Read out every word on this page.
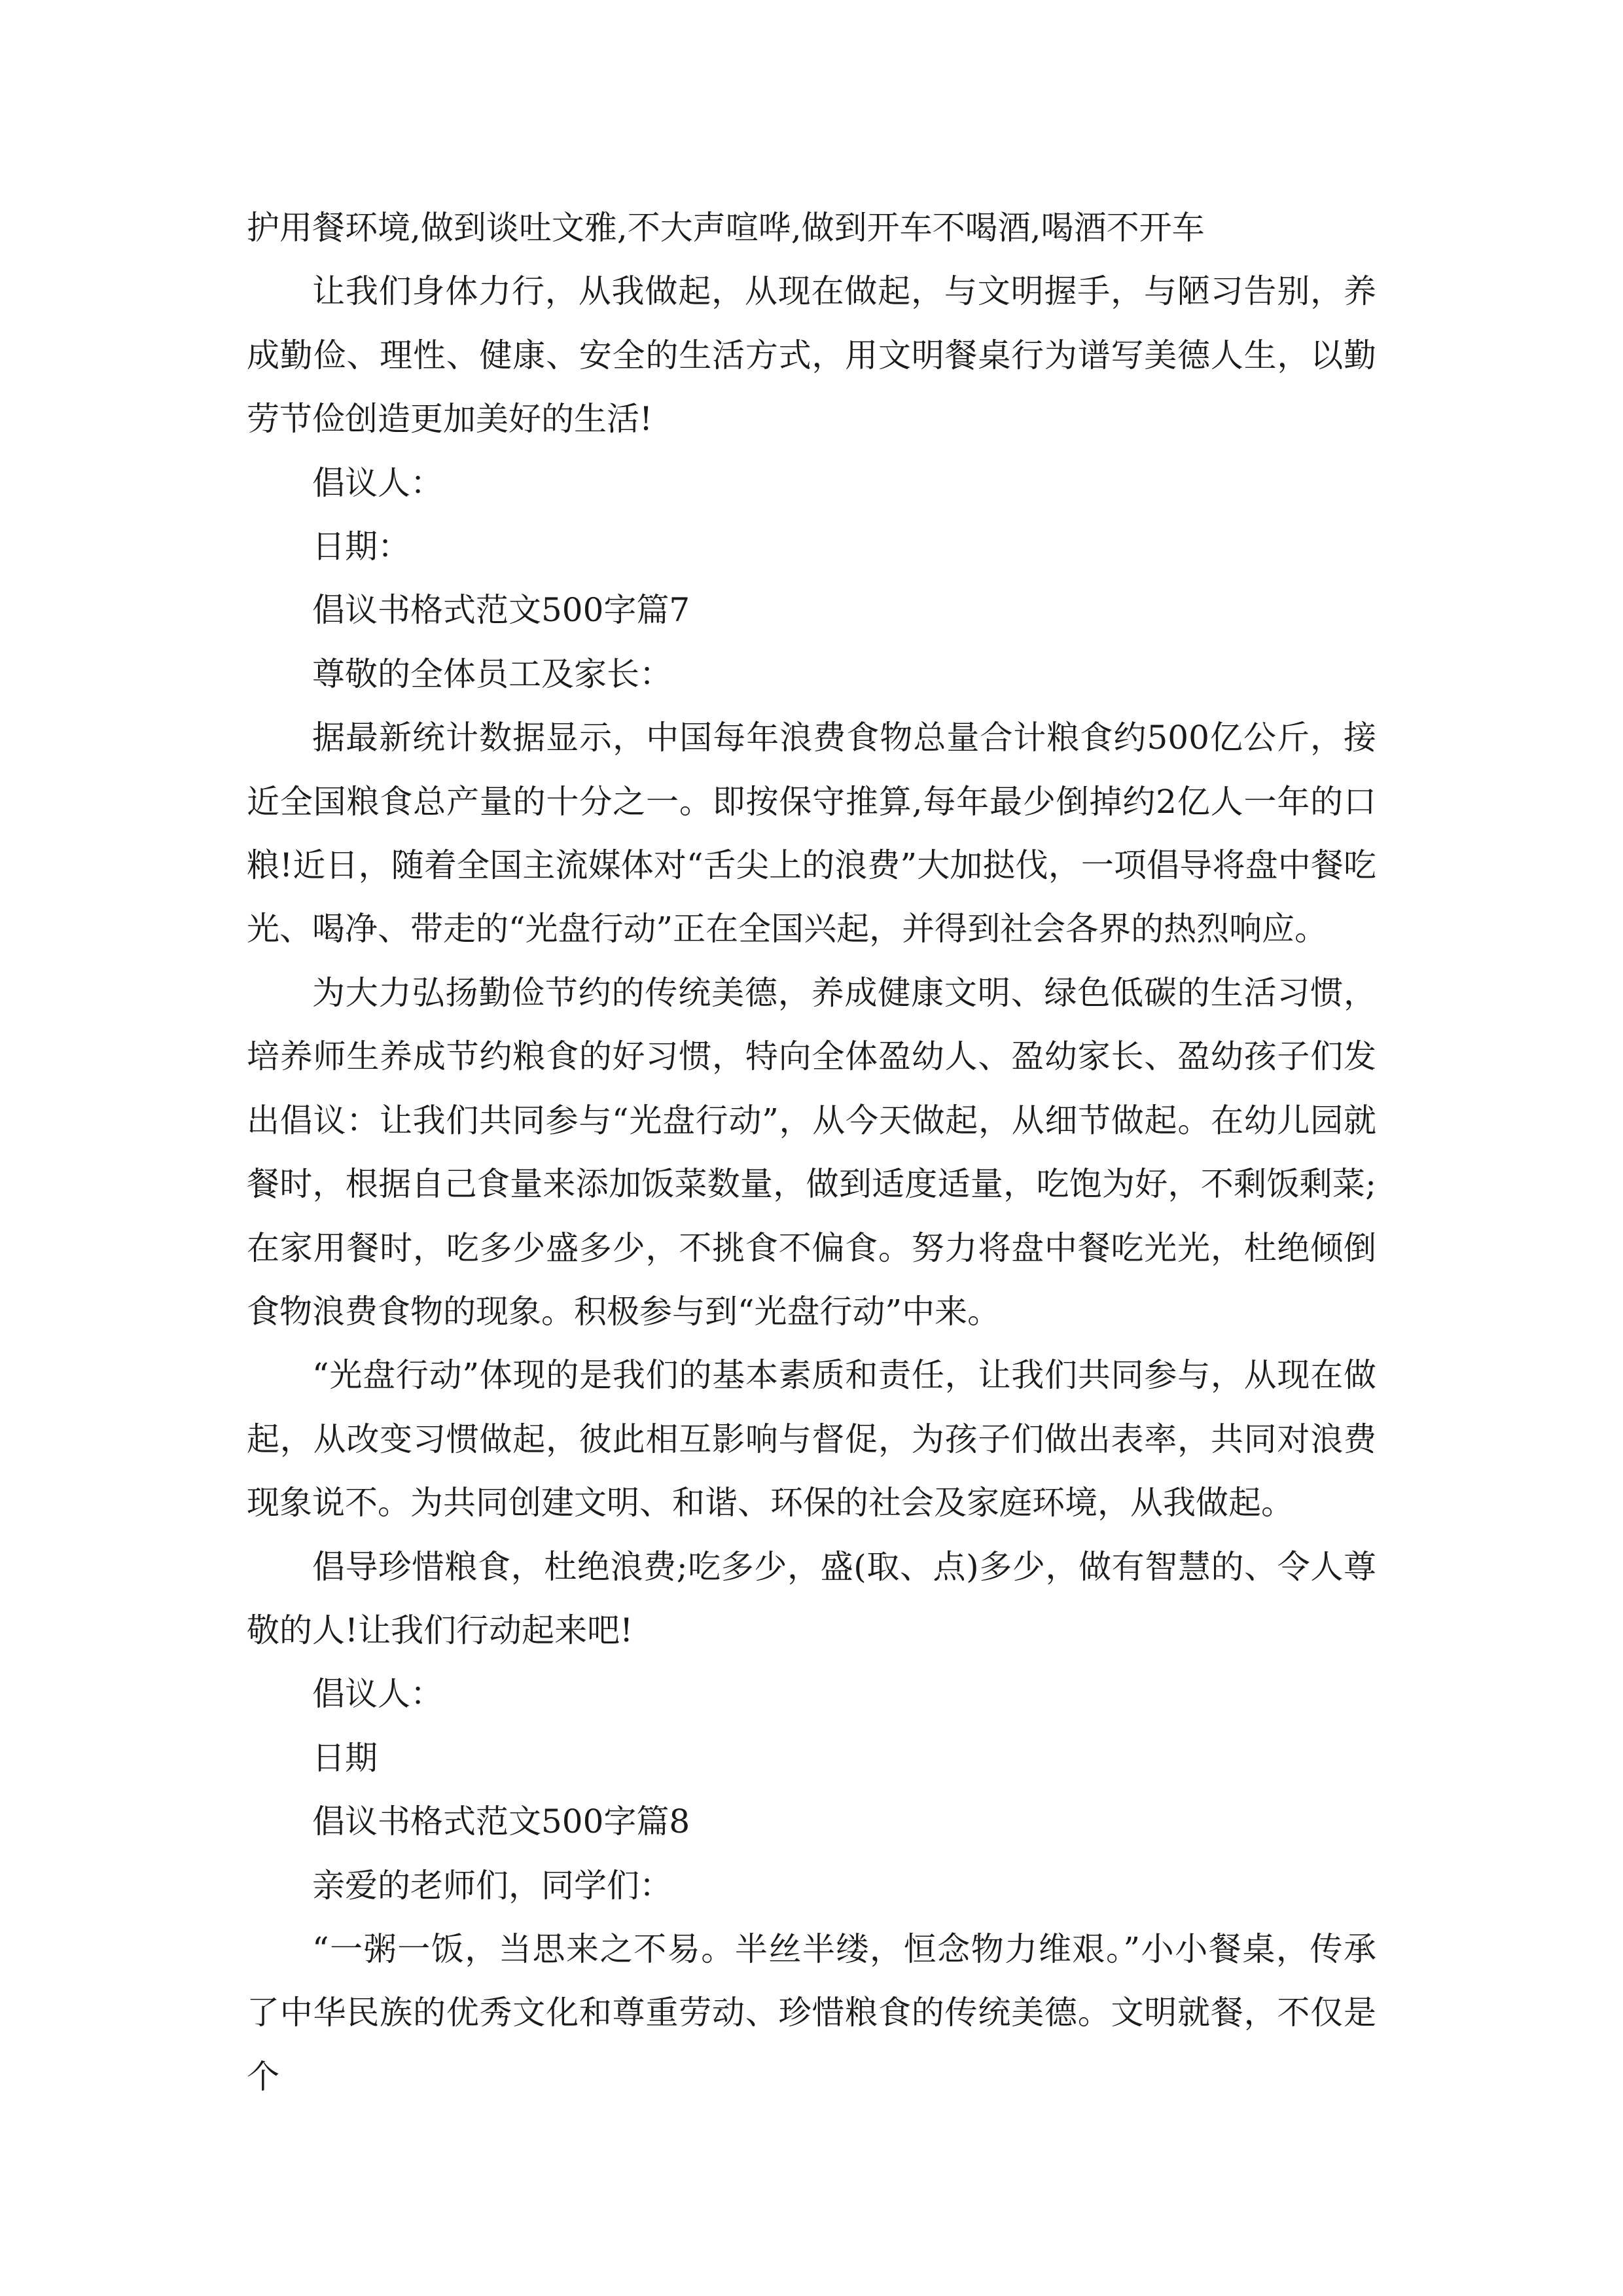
护用餐环境,做到谈吐文雅,不大声喧哗,做到开车不喝酒,喝酒不开车

让我们身体力行，从我做起，从现在做起，与文明握手，与陋习告别，养成勤俭、理性、健康、安全的生活方式，用文明餐桌行为谱写美德人生，以勤劳节俭创造更加美好的生活!

倡议人：

日期：

倡议书格式范文500字篇7

尊敬的全体员工及家长：

据最新统计数据显示，中国每年浪费食物总量合计粮食约500亿公斤，接近全国粮食总产量的十分之一。即按保守推算,每年最少倒掉约2亿人一年的口粮!近日，随着全国主流媒体对“舌尖上的浪费”大加挞伐，一项倡导将盘中餐吃光、喝净、带走的“光盘行动”正在全国兴起，并得到社会各界的热烈响应。

为大力弘扬勤俭节约的传统美德，养成健康文明、绿色低碳的生活习惯，培养师生养成节约粮食的好习惯，特向全体盈幼人、盈幼家长、盈幼孩子们发出倡议：让我们共同参与“光盘行动”，从今天做起，从细节做起。在幼儿园就餐时，根据自己食量来添加饭菜数量，做到适度适量，吃饱为好，不剩饭剩菜;在家用餐时，吃多少盛多少，不挑食不偏食。努力将盘中餐吃光光，杜绝倾倒食物浪费食物的现象。积极参与到“光盘行动”中来。

“光盘行动”体现的是我们的基本素质和责任，让我们共同参与，从现在做起，从改变习惯做起，彼此相互影响与督促，为孩子们做出表率，共同对浪费现象说不。为共同创建文明、和谐、环保的社会及家庭环境，从我做起。

倡导珍惜粮食，杜绝浪费;吃多少，盛(取、点)多少，做有智慧的、令人尊敬的人!让我们行动起来吧!

倡议人：

日期

倡议书格式范文500字篇8

亲爱的老师们，同学们：

“一粥一饭，当思来之不易。半丝半缕，恒念物力维艰。”小小餐桌，传承了中华民族的优秀文化和尊重劳动、珍惜粮食的传统美德。文明就餐，不仅是个
